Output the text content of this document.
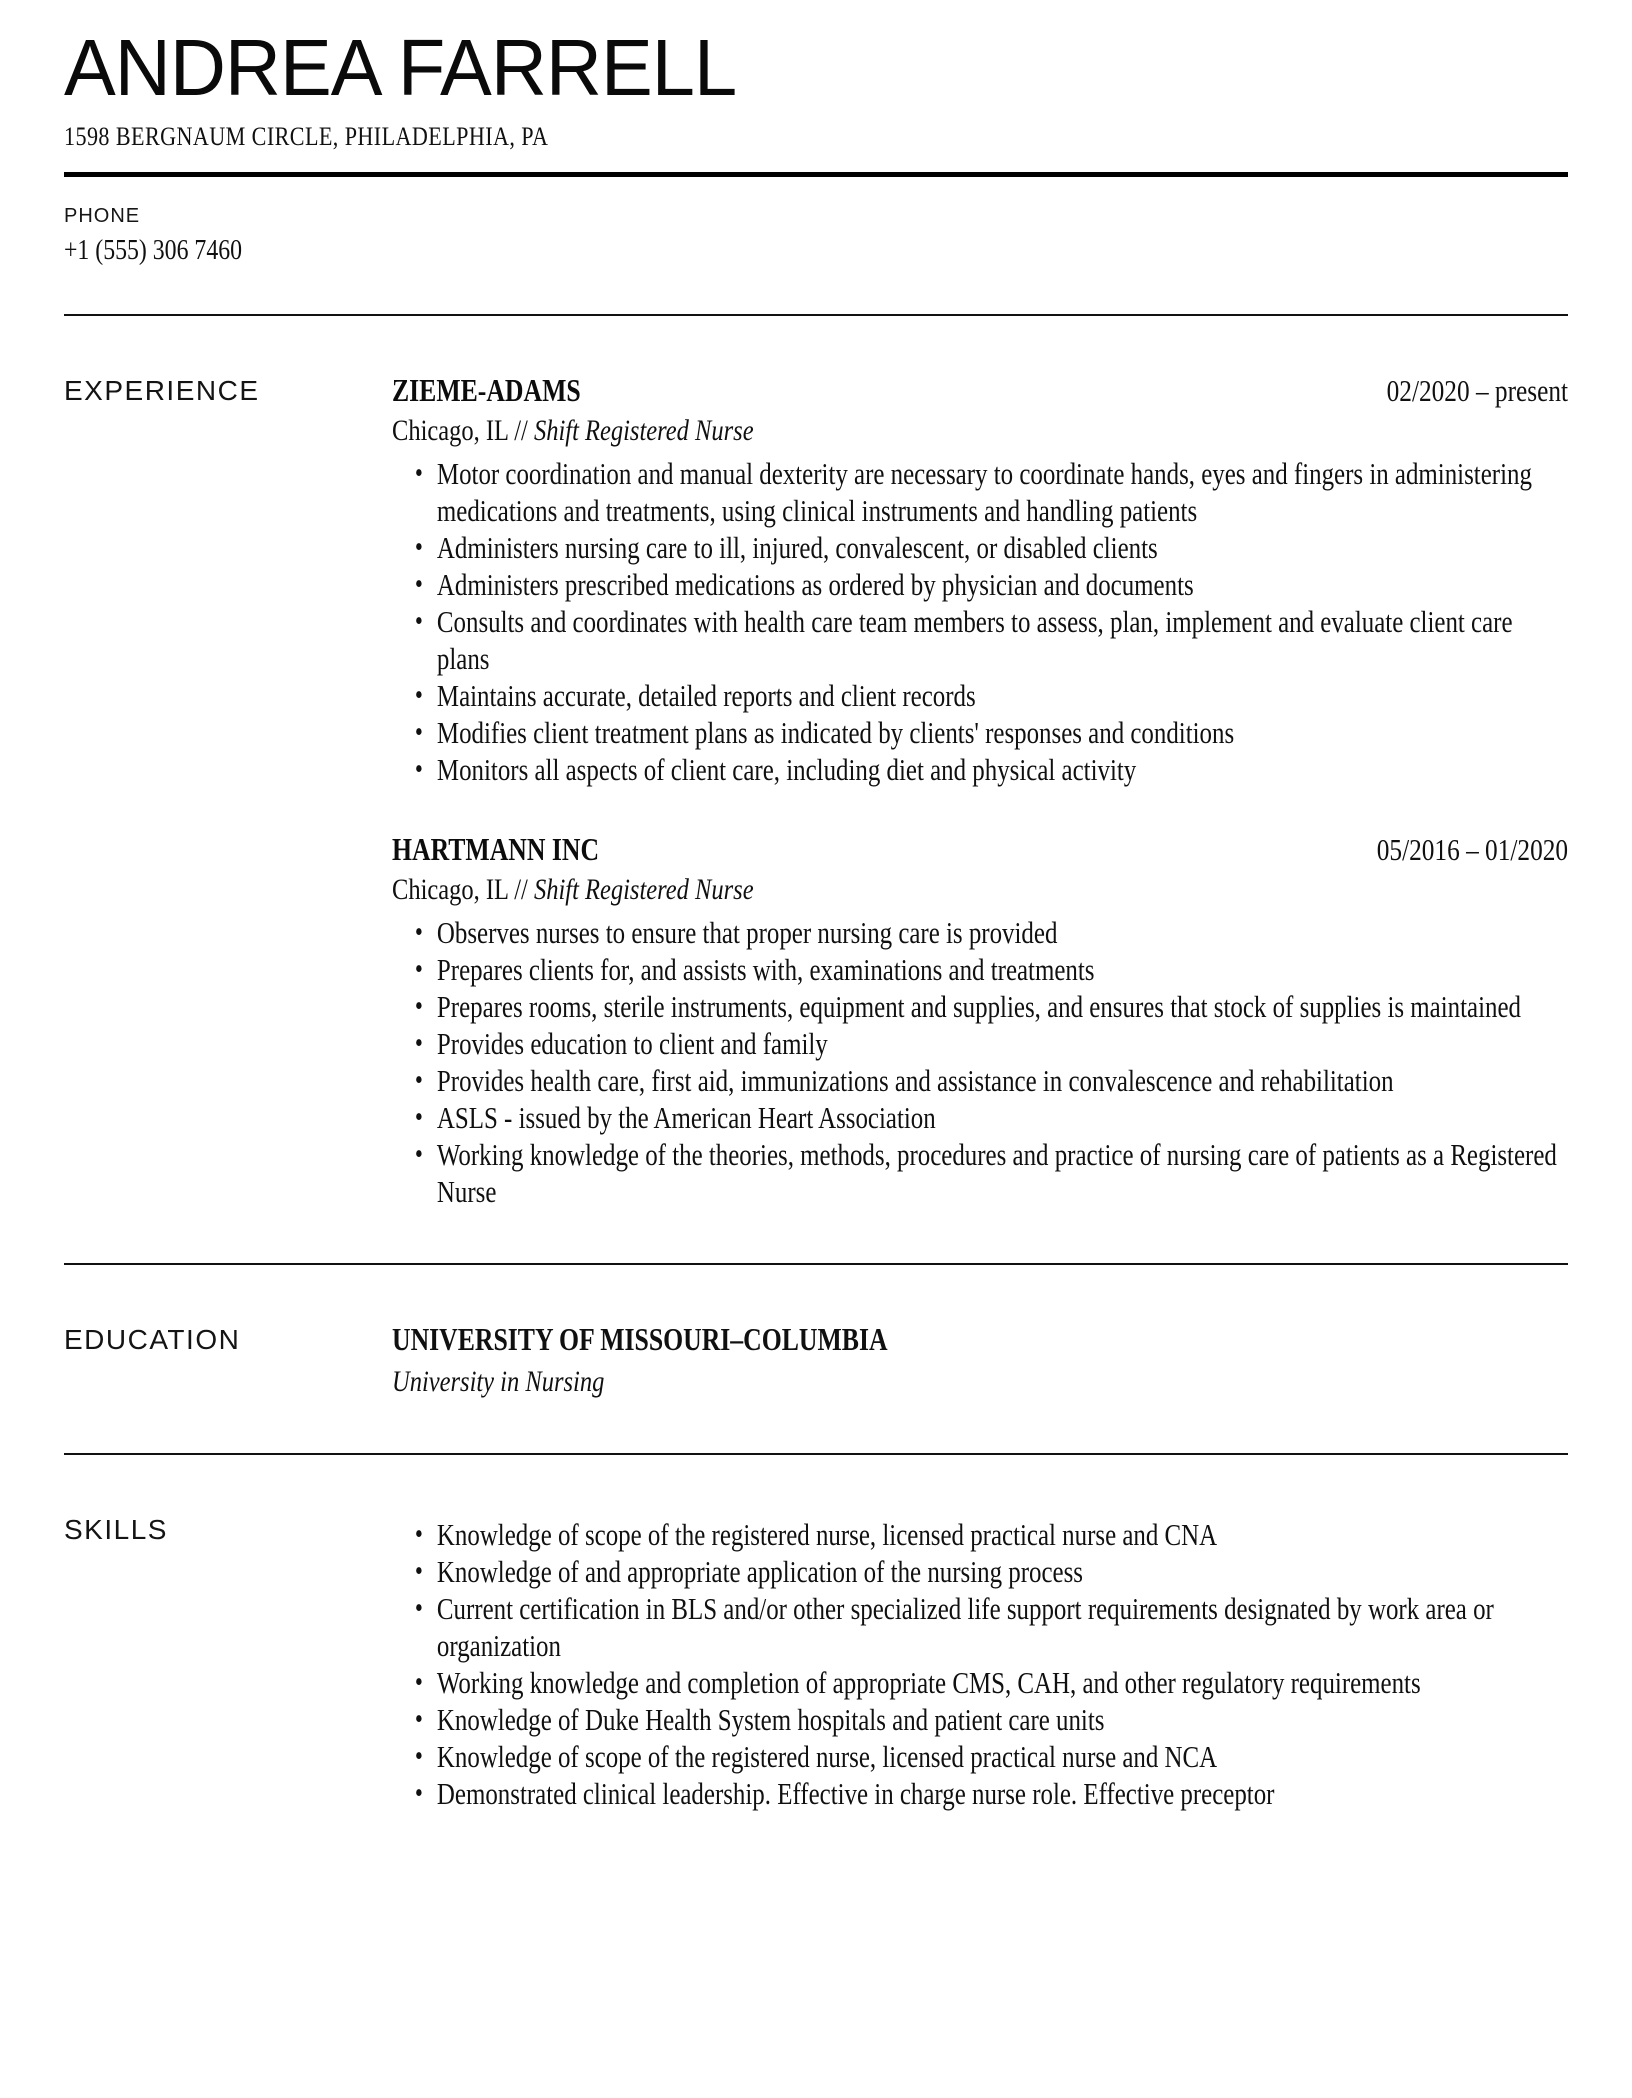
ANDREA FARRELL
1598 BERGNAUM CIRCLE, PHILADELPHIA, PA
PHONE
+1 (555) 306 7460
EXPERIENCE	ZIEME-ADAMS	02/2020 – present
Chicago, IL // Shift Registered Nurse
• Motor coordination and manual dexterity are necessary to coordinate hands, eyes and fingers in administering medications and treatments, using clinical instruments and handling patients
• Administers nursing care to ill, injured, convalescent, or disabled clients
• Administers prescribed medications as ordered by physician and documents
• Consults and coordinates with health care team members to assess, plan, implement and evaluate client care plans
• Maintains accurate, detailed reports and client records
• Modifies client treatment plans as indicated by clients' responses and conditions
• Monitors all aspects of client care, including diet and physical activity
HARTMANN INC	05/2016 – 01/2020
Chicago, IL // Shift Registered Nurse
• Observes nurses to ensure that proper nursing care is provided
• Prepares clients for, and assists with, examinations and treatments
• Prepares rooms, sterile instruments, equipment and supplies, and ensures that stock of supplies is maintained
• Provides education to client and family
• Provides health care, first aid, immunizations and assistance in convalescence and rehabilitation
• ASLS - issued by the American Heart Association
• Working knowledge of the theories, methods, procedures and practice of nursing care of patients as a Registered Nurse
EDUCATION	UNIVERSITY OF MISSOURI–COLUMBIA
University in Nursing
SKILLS	• Knowledge of scope of the registered nurse, licensed practical nurse and CNA
• Knowledge of and appropriate application of the nursing process
• Current certification in BLS and/or other specialized life support requirements designated by work area or organization
• Working knowledge and completion of appropriate CMS, CAH, and other regulatory requirements
• Knowledge of Duke Health System hospitals and patient care units
• Knowledge of scope of the registered nurse, licensed practical nurse and NCA
• Demonstrated clinical leadership. Effective in charge nurse role. Effective preceptor
